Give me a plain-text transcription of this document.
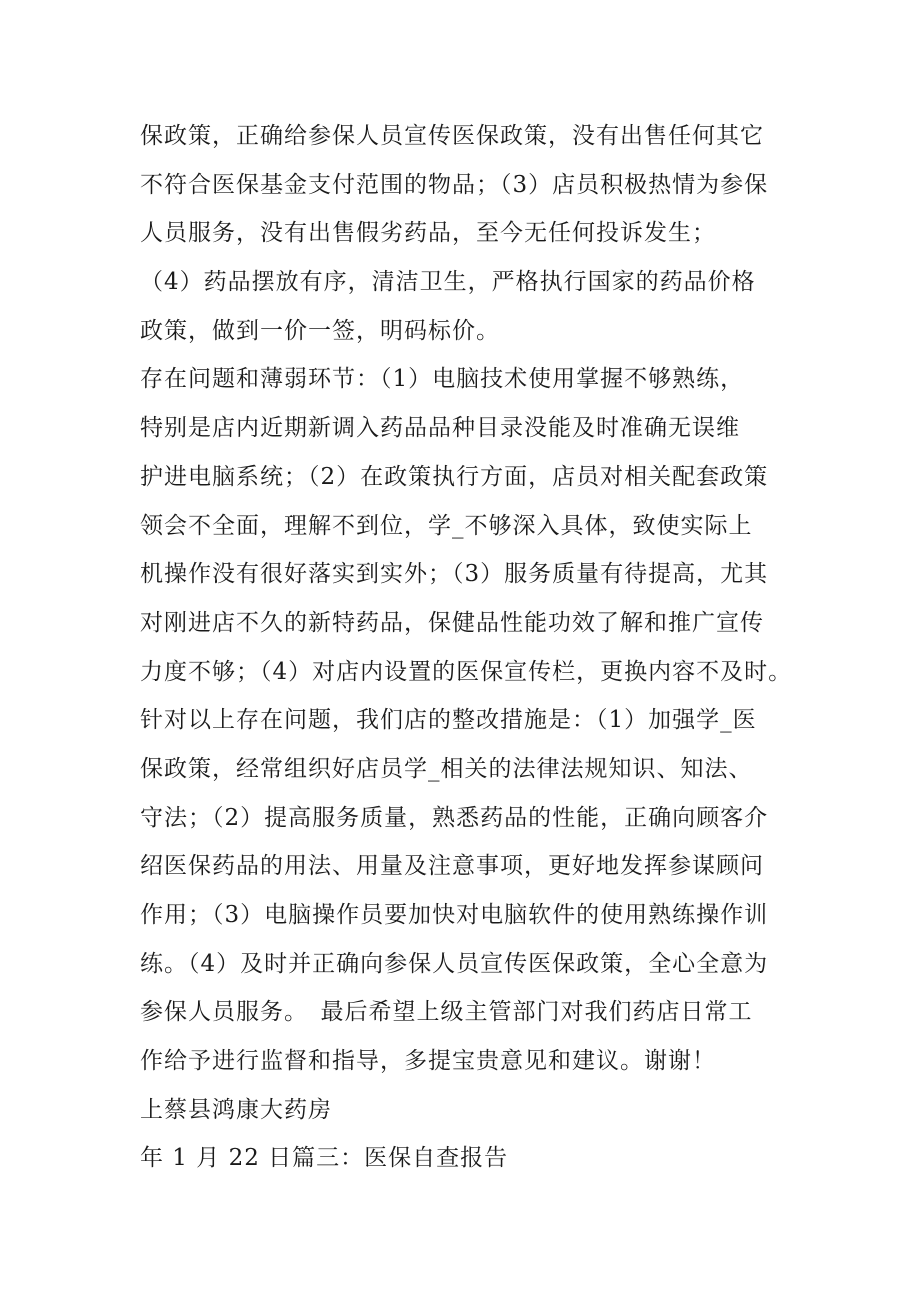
保政策，正确给参保人员宣传医保政策，没有出售任何其它
不符合医保基金支付范围的物品；（3）店员积极热情为参保
人员服务，没有出售假劣药品，至今无任何投诉发生；
（4）药品摆放有序，清洁卫生，严格执行国家的药品价格
政策，做到一价一签，明码标价。
存在问题和薄弱环节：（1）电脑技术使用掌握不够熟练，
特别是店内近期新调入药品品种目录没能及时准确无误维
护进电脑系统；（2）在政策执行方面，店员对相关配套政策
领会不全面，理解不到位，学_不够深入具体，致使实际上
机操作没有很好落实到实外；（3）服务质量有待提高，尤其
对刚进店不久的新特药品，保健品性能功效了解和推广宣传
力度不够；（4）对店内设置的医保宣传栏，更换内容不及时。
针对以上存在问题，我们店的整改措施是：（1）加强学_医
保政策，经常组织好店员学_相关的法律法规知识、知法、
守法；（2）提高服务质量，熟悉药品的性能，正确向顾客介
绍医保药品的用法、用量及注意事项，更好地发挥参谋顾问
作用；（3）电脑操作员要加快对电脑软件的使用熟练操作训
练。（4）及时并正确向参保人员宣传医保政策，全心全意为
参保人员服务。　最后希望上级主管部门对我们药店日常工
作给予进行监督和指导，多提宝贵意见和建议。谢谢！
上蔡县鸿康大药房
年 1 月 22 日篇三：医保自查报告
